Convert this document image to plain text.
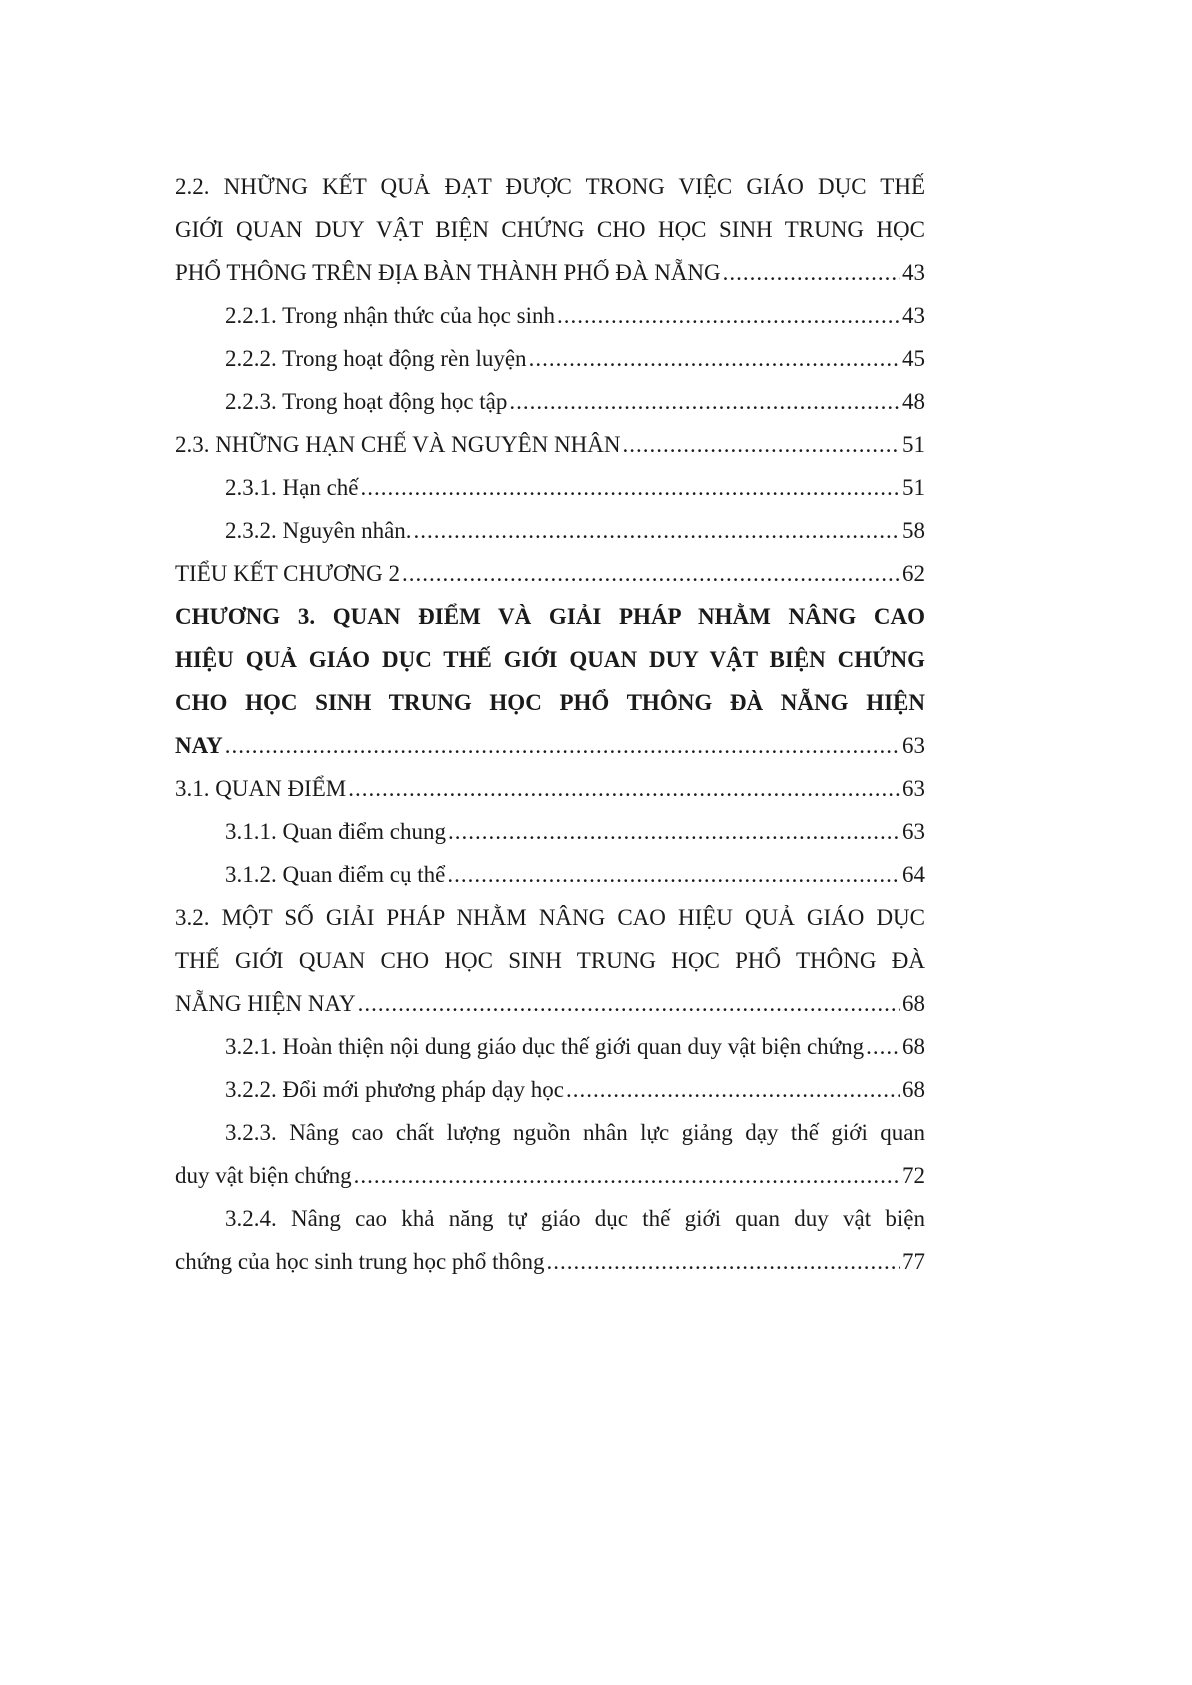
2.2. NHỮNG KẾT QUẢ ĐẠT ĐƯỢC TRONG VIỆC GIÁO DỤC THẾ
GIỚI QUAN DUY VẬT BIỆN CHỨNG CHO HỌC SINH TRUNG HỌC
PHỔ THÔNG TRÊN ĐỊA BÀN THÀNH PHỐ ĐÀ NẴNG .....	43
2.2.1. Trong nhận thức của học sinh .....	43
2.2.2. Trong hoạt động rèn luyện .....	45
2.2.3. Trong hoạt động học tập .....	48
2.3. NHỮNG HẠN CHẾ VÀ NGUYÊN NHÂN .....	51
2.3.1. Hạn chế .....	51
2.3.2. Nguyên nhân. .....	58
TIỂU KẾT CHƯƠNG 2 .....	62
CHƯƠNG 3. QUAN ĐIỂM VÀ GIẢI PHÁP NHẰM NÂNG CAO
HIỆU QUẢ GIÁO DỤC THẾ GIỚI QUAN DUY VẬT BIỆN CHỨNG
CHO HỌC SINH TRUNG HỌC PHỔ THÔNG ĐÀ NẴNG HIỆN
NAY .....	63
3.1. QUAN ĐIỂM .....	63
3.1.1. Quan điểm chung .....	63
3.1.2. Quan điểm cụ thể .....	64
3.2. MỘT SỐ GIẢI PHÁP NHẰM NÂNG CAO HIỆU QUẢ GIÁO DỤC
THẾ GIỚI QUAN CHO HỌC SINH TRUNG HỌC PHỔ THÔNG ĐÀ
NẴNG HIỆN NAY .....	68
3.2.1. Hoàn thiện nội dung giáo dục thế giới quan duy vật biện chứng ..... 68
3.2.2. Đổi mới phương pháp dạy học .....	68
3.2.3. Nâng cao chất lượng nguồn nhân lực giảng dạy thế giới quan
duy vật biện chứng .....	72
3.2.4. Nâng cao khả năng tự giáo dục thế giới quan duy vật biện
chứng của học sinh trung học phổ thông .....	77
